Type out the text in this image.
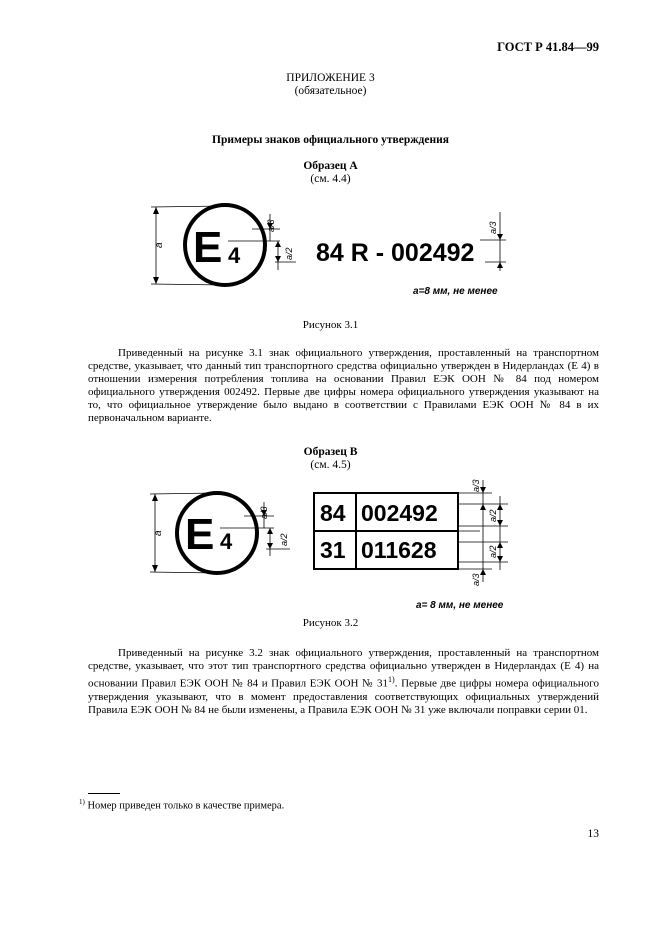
ГОСТ Р 41.84—99
ПРИЛОЖЕНИЕ 3
(обязательное)
Примеры знаков официального утверждения
Образец А
(см. 4.4)
E 4
a
a/3
a/2 84 R - 002492
a/3
a=8 мм, не менее
E 4
a
a/3
a/2
84 002492
31 011628
a/3
a/2
a/2
a/3
a= 8 мм, не менее
Рисунок 3.1
Приведенный на рисунке 3.1 знак официального утверждения, проставленный на транспортном средстве, указывает, что данный тип транспортного средства официально утвержден в Нидерландах (Е 4) в отношении измерения потребления топлива на основании Правил ЕЭК ООН № 84 под номером официального утверждения 002492. Первые две цифры номера официального утверждения указывают на то, что официальное утверждение было выдано в соответствии с Правилами ЕЭК ООН № 84 в их первоначальном варианте.
Образец В
(см. 4.5)
Рисунок 3.2
Приведенный на рисунке 3.2 знак официального утверждения, проставленный на транспортном средстве, указывает, что этот тип транспортного средства официально утвержден в Нидерландах (Е 4) на основании Правил ЕЭК ООН № 84 и Правил ЕЭК ООН № 31$^{1)}$. Первые две цифры номера официального утверждения указывают, что в момент предоставления соответствующих официальных утверждений Правила ЕЭК ООН № 84 не были изменены, а Правила ЕЭК ООН № 31 уже включали поправки серии 01.
$^{1)}$ Номер приведен только в качестве примера.
13
